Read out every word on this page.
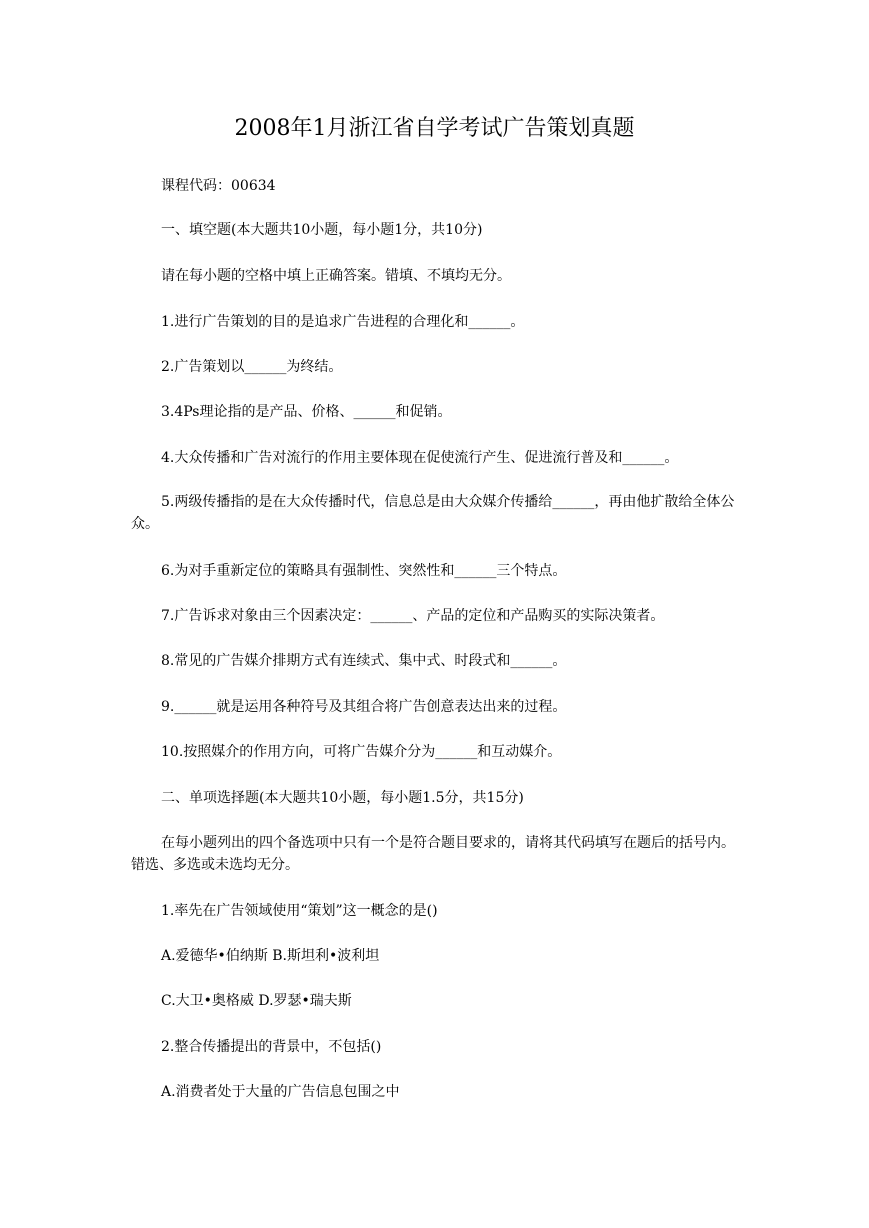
2008年1月浙江省自学考试广告策划真题
课程代码：00634
一、填空题(本大题共10小题，每小题1分，共10分)
请在每小题的空格中填上正确答案。错填、不填均无分。
1.进行广告策划的目的是追求广告进程的合理化和______。
2.广告策划以______为终结。
3.4Ps理论指的是产品、价格、______和促销。
4.大众传播和广告对流行的作用主要体现在促使流行产生、促进流行普及和______。
5.两级传播指的是在大众传播时代，信息总是由大众媒介传播给______，再由他扩散给全体公众。
6.为对手重新定位的策略具有强制性、突然性和______三个特点。
7.广告诉求对象由三个因素决定：______、产品的定位和产品购买的实际决策者。
8.常见的广告媒介排期方式有连续式、集中式、时段式和______。
9.______就是运用各种符号及其组合将广告创意表达出来的过程。
10.按照媒介的作用方向，可将广告媒介分为______和互动媒介。
二、单项选择题(本大题共10小题，每小题1.5分，共15分)
在每小题列出的四个备选项中只有一个是符合题目要求的，请将其代码填写在题后的括号内。错选、多选或未选均无分。
1.率先在广告领域使用“策划”这一概念的是()
A.爱德华•伯纳斯 B.斯坦利•波利坦
C.大卫•奥格威 D.罗瑟•瑞夫斯
2.整合传播提出的背景中，不包括()
A.消费者处于大量的广告信息包围之中
